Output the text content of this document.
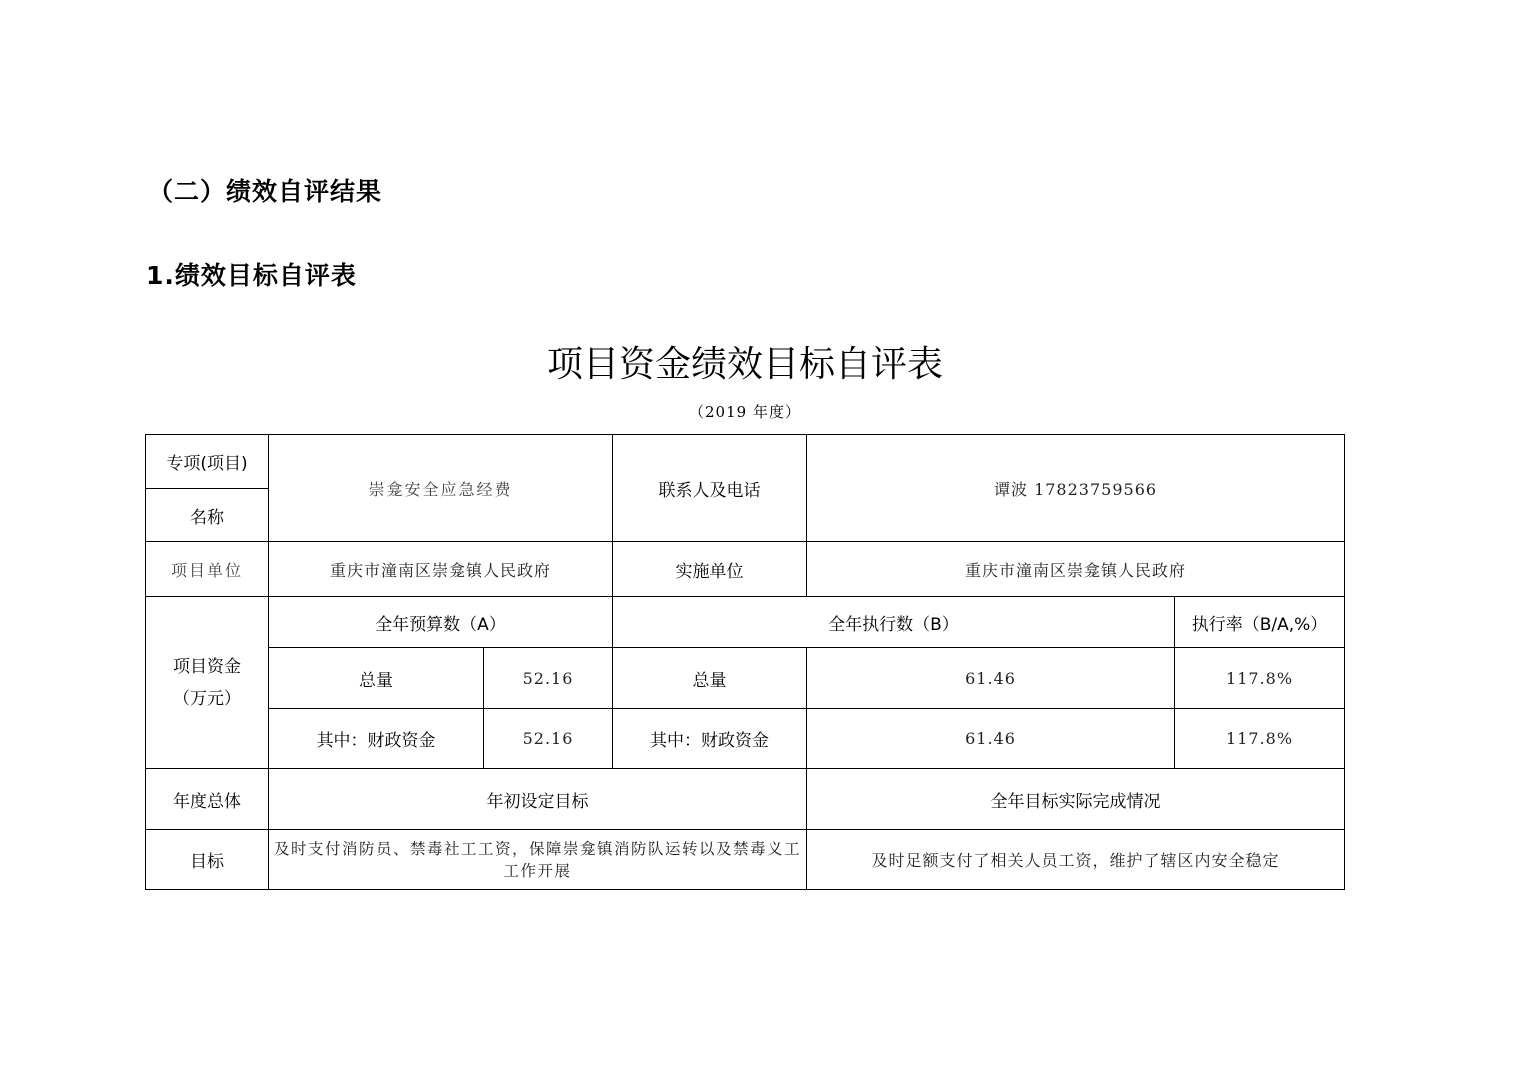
（二）绩效自评结果
1.绩效目标自评表
项目资金绩效目标自评表
（2019 年度）
专项(项目)	崇龛安全应急经费		联系人及电话	谭波 17823759566	
名称					
项目单位	重庆市潼南区崇龛镇人民政府		实施单位	重庆市潼南区崇龛镇人民政府	

项目资金
（万元）	全年预算数（A）		全年执行数（B）		执行率（B/A,%）
	总量	52.16	总量	61.46	117.8%
	其中：财政资金	52.16	其中：财政资金	61.46	117.8%
年度总体	年初设定目标			全年目标实际完成情况	
目标	及时支付消防员、禁毒社工工资，保障崇龛镇消防队运转以及禁毒义工工作开展			及时足额支付了相关人员工资，维护了辖区内安全稳定	
